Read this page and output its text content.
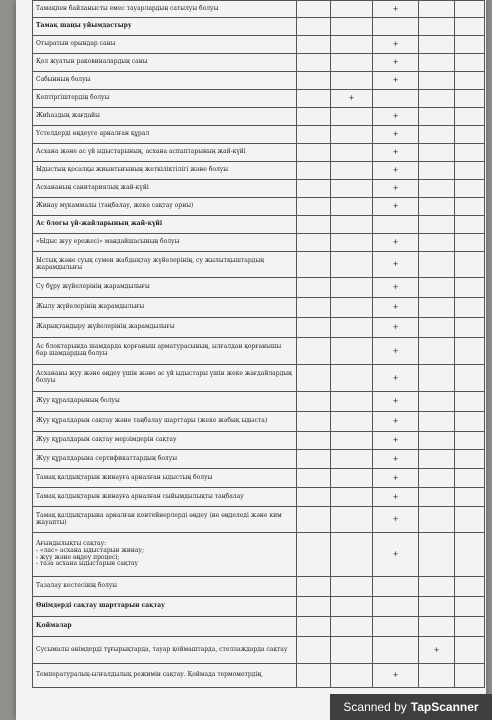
Тамақпен байланысты емес тауарлардың сатылуы болуы			+		
Тамақ шаңы уйымдастыру					
Отыратын орындар саны			+		
Қол жуатын раковиналардың саны			+		
Сабынның болуы			+		
Кептіргіштердің болуы		+			
Жиһаздың жағдайы			+		
Үстелдерді өңдеуге арналған құрал			+		
Асхана және ас үй ыдыстарының, асхана аспаптарының жай-күйі			+		
Ыдыстың қосалқы жиынтығының жеткіліктілігі және болуы			+		
Асхананың санитариялық жай-күйі			+		
Жинау мүкаммалы (таңбалау, жеке сақтау орны)			+		
Ас блогы үй-жайларының жай-күйі					
«Ыдыс жуу ережесі» мандайшасының болуы			+		
Ыстық және суық сумен жабдықтау жүйелерінің, су жылытқыштардың жарамдылығы			+		
Су бұру жүйелерінің жарамдылығы			+		
Жылу жүйелерінің жарамдылығы			+		
Жарықтандыру жүйелерінің жарамдылығы			+		
Ас блоктарында шамдарда қорғаныш арматурасының, ылғалдан қорғанышы бар шамдардың болуы			+		
Асхананы жуу және өңдеу үшін және ас үй ыдыстары үшін жеке жағдайлардың болуы			+		
Жуу құралдарының болуы			+		
Жуу құралдарын сақтау және таңбалау шарттары (жеке жабық ыдыста)			+		
Жуу құралдарын сақтау мерзімдерін сақтау			+		
Жуу құралдарына сертификаттардың болуы			+		
Тамақ қалдықтарын жинауға арналған ыдыстың болуы			+		
Тамақ қалдықтарын жинауға арналған сыйымдылықты таңбалау			+		
Тамақ қалдықтарына арналған контейнерлерді өңдеу (не өңделеді және ким жауапты)			+		

Ағындылықты сақтау:
- «лас» асхана ыдыстарын жинау;
- жуу және өңдеу процесі;
- таза асхана ыдыстарын сақтау			+		
Тазалау кестесінің болуы					
Өнімдерді сақтау шарттарын сақтау					
Қоймалар					
Сусымалы өнімдерді тұғырықтарда, тауар қоймаштарда, стеллаждарда сақтау				+	
Температуралық-ылғалдылық режимін сақтау. Қоймада термометрдің,			+		
Scanned by TapScanner
